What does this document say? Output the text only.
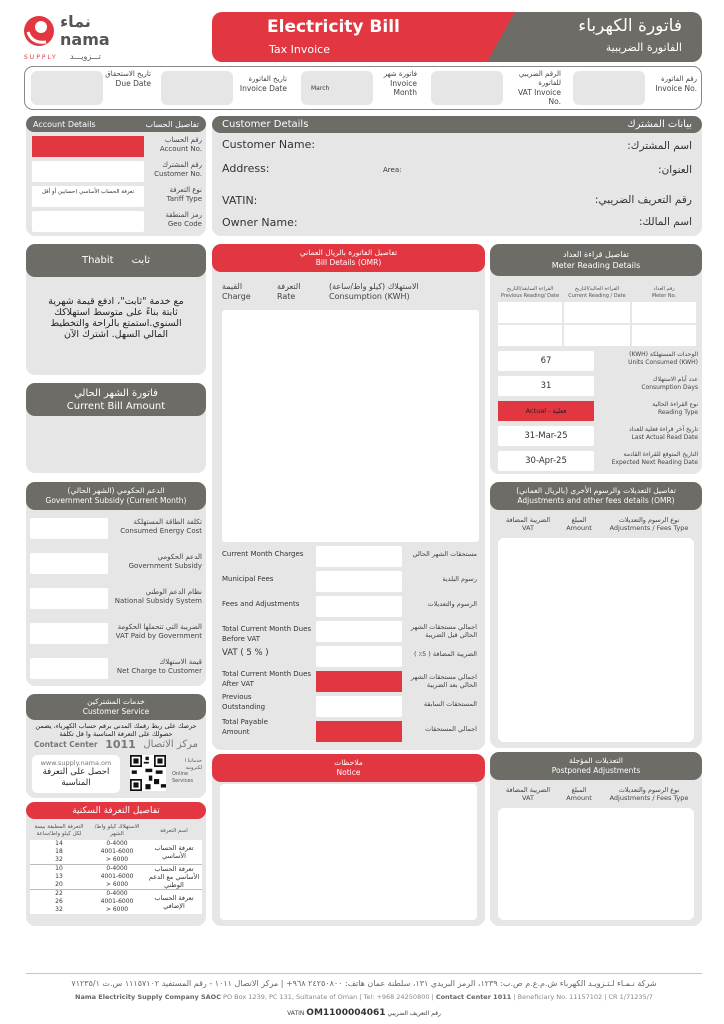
نماء
nama
SUPPLY تـــزويـــد
Electricity Bill
Tax Invoice
فاتورة الكهرباء
الفاتورة الضريبية
تاريخ الاستحقاق
Due Date	تاريخ الفاتورة
Invoice Date	March
فاتورة شهر
Invoice Month
الرقم الضريبي للفاتورة
VAT Invoice No.
رقم الفاتورة
Invoice No.
Account Details	تفاصيل الحساب
رقم الحساب
Account No.
رقم المشترك
Customer No.
تعرفة الحساب الأساسي (حسابين أو أقل	نوع التعرفة
Tariff Type
رمز المنطقة
Geo Code
Customer Details	بيانات المشترك
Customer Name:	اسم المشترك:
Address:	Area:	العنوان:
VATIN:	رقم التعريف الضريبي:
Owner Name:	اسم المالك:
Thabit ثابت
مع خدمة "ثابت"، ادفع قيمة شهرية ثابتة بناءً على متوسط استهلاكك السنوي.استمتع بالراحة والتخطيط المالي السهل. اشترك الآن
فاتورة الشهر الحالي
Current Bill Amount
الدعم الحكومي (الشهر الحالي)
Government Subsidy (Current Month)
تكلفة الطاقة المستهلكة
Consumed Energy Cost
الدعم الحكومي
Government Subsidy
نظام الدعم الوطني
National Subsidy System
الضريبة التي تتحملها الحكومة
VAT Paid by Government
قيمة الاستهلاك
Net Charge to Customer
خدمات المشتركين
Customer Service
حرصك على ربط رقمك المدني برقم حساب الكهرباء، يضمن حصولك على التعرفة المناسبة وا قل تكلفة
Contact Center 1011 مركز الاتصال
www.supply.nama.om
احصل على التعرفة المناسبة
خدماتنا ا لكترونية
Online Services
تفاصيل التعرفة السكنية
التعرفة المطبقة بيسة لكل كيلو واط/ساعة	الاستهلاك كيلو واط/الشهر	اسم التعرفة
14	0-4000	تعرفة الحساب الأساسي
18	4001-6000	
32	> 6000	
10	0-4000	تعرفة الحساب الأساسي مع الدعم الوطني
13	4001-6000	
20	> 6000	
22	0-4000	تعرفة الحساب الإضافي
26	4001-6000	
32	> 6000	
تفاصيل الفاتورة بالريال العماني
Bill Details (OMR)
القيمة
Charge
التعرفة
Rate
الاستهلاك (كيلو واط/ساعة)
Consumption (KWH)
Current Month Charges	مستحقات الشهر الحالي
Municipal Fees	رسوم البلدية
Fees and Adjustments	الرسوم والتعديلات
Total Current Month Dues Before VAT
اجمالي مستحقات الشهر الحالي قبل الضريبة
VAT ( 5 % )	الضريبة المضافة ( 5٪ )
Total Current Month Dues After VAT
اجمالي مستحقات الشهر الحالي بعد الضريبة
Previous Outstanding	المستحقات السابقة
Total Payable Amount	اجمالي المستحقات
تفاصيل قراءة العداد
Meter Reading Details
القراءة السابقة/التاريخ
Previous Reading/ Date
القراءة الحالية/التاريخ
Current Reading / Date
رقم العداد
Meter No.
67
الوحدات المستهلكة (KWH)
Units Consumed (KWH)
31
عدد أيام الاستهلاك
Consumption Days
Actual - فعلية
نوع القراءة الحالية
Reading Type
31-Mar-25
تاريخ آخر قراءة فعلية للعداد
Last Actual Read Date
30-Apr-25
التاريخ المتوقع للقراءة القادمة
Expected Next Reading Date
تفاصيل التعديلات والرسوم الأخرى (بالريال العماني)
Adjustments and other fees details (OMR)
الضريبة المضافة
VAT
المبلغ
Amount
نوع الرسوم والتعديلات
Adjustments / Fees Type
ملاحظات
Notice
التعديلات المؤجلة
Postponed Adjustments
الضريبة المضافة
VAT
المبلغ
Amount
نوع الرسوم والتعديلات
Adjustments / Fees Type
شركة نـمـاء لـتـزويـد الكهرباء ش.م.ع.م ص.ب: ١٢٣٩، الرمز البريدي ١٣١، سلطنة عمان هاتف: ٢٤٢٥٠٨٠٠ ٩٦٨+ | مركز الاتصال ١٠١١ - رقم المستفيد ١١١٥٧١٠٢ س.ت ٧١٢٣٥/١
Nama Electricity Supply Company SAOC PO Box 1239, PC 131, Sultanate of Oman | Tel: +968 24250800 | Contact Center 1011 | Beneficiary No. 11157102 | CR 1/71235/7
VATIN OM1100004061 رقم التعريف الضريبي
